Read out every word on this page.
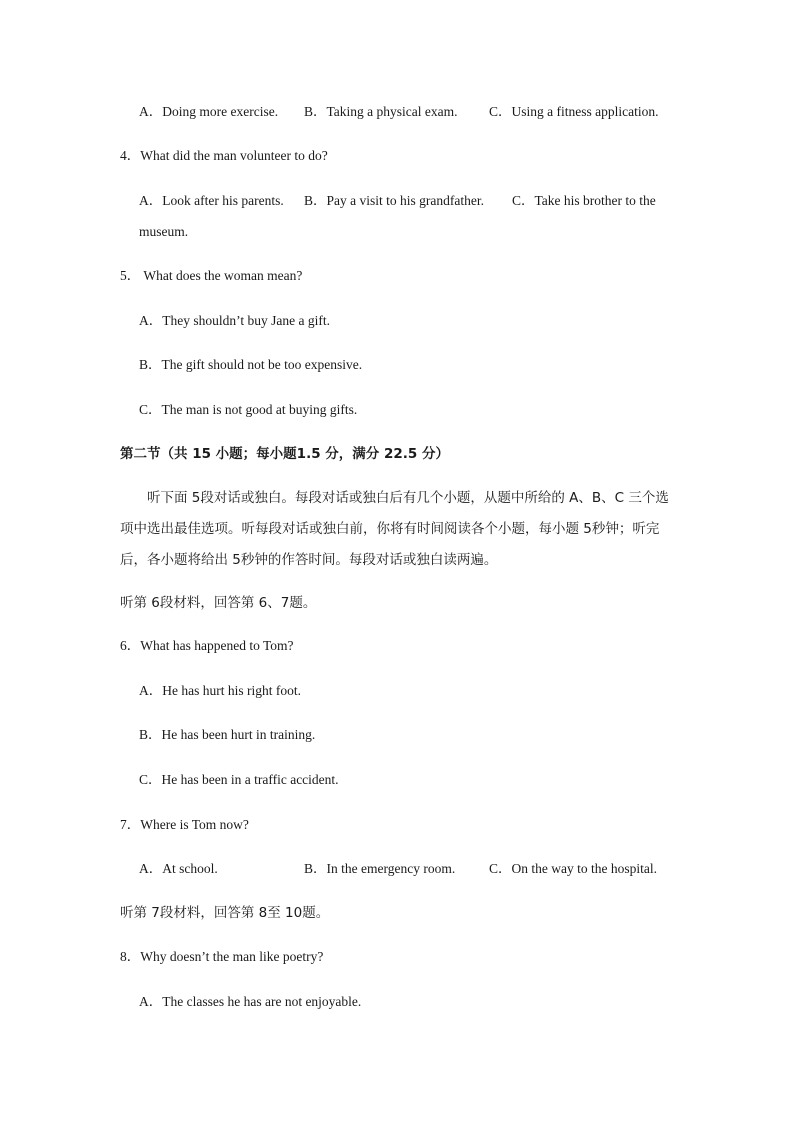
A．Doing more exercise. B．Taking a physical exam. C．Using a fitness application.
4．What did the man volunteer to do?
A．Look after his parents. B．Pay a visit to his grandfather. C．Take his brother to the
museum.
5． What does the woman mean?
A．They shouldn’t buy Jane a gift.
B．The gift should not be too expensive.
C．The man is not good at buying gifts.
第二节（共 15 小题；每小题1.5 分，满分 22.5 分）
听下面 5段对话或独白。每段对话或独白后有几个小题，从题中所给的 A、B、C 三个选项中选出最佳选项。听每段对话或独白前，你将有时间阅读各个小题，每小题 5秒钟；听完后，各小题将给出 5秒钟的作答时间。每段对话或独白读两遍。
听第 6段材料，回答第 6、7题。
6．What has happened to Tom?
A．He has hurt his right foot.
B．He has been hurt in training.
C．He has been in a traffic accident.
7．Where is Tom now?
A．At school.	B．In the emergency room.	C．On the way to the hospital.
听第 7段材料，回答第 8至 10题。
8．Why doesn’t the man like poetry?
A．The classes he has are not enjoyable.
